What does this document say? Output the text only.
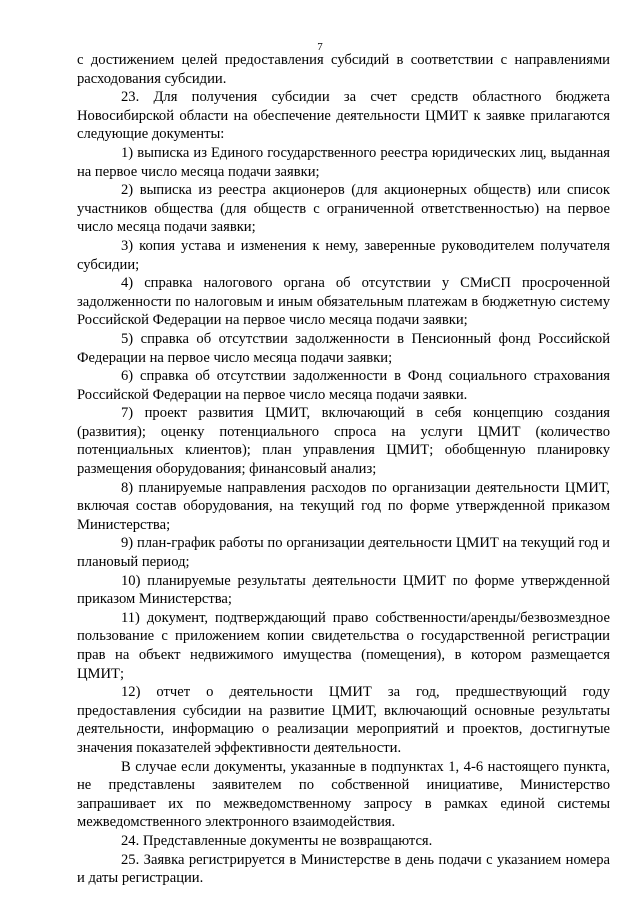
7

с достижением целей предоставления субсидий в соответствии с направлениями расходования субсидии.

23. Для получения субсидии за счет средств областного бюджета Новосибирской области на обеспечение деятельности ЦМИТ к заявке прилагаются следующие документы:

1) выписка из Единого государственного реестра юридических лиц, выданная на первое число месяца подачи заявки;

2) выписка из реестра акционеров (для акционерных обществ) или список участников общества (для обществ с ограниченной ответственностью) на первое число месяца подачи заявки;

3) копия устава и изменения к нему, заверенные руководителем получателя субсидии;

4) справка налогового органа об отсутствии у СМиСП просроченной задолженности по налоговым и иным обязательным платежам в бюджетную систему Российской Федерации на первое число месяца подачи заявки;

5) справка об отсутствии задолженности в Пенсионный фонд Российской Федерации на первое число месяца подачи заявки;

6) справка об отсутствии задолженности в Фонд социального страхования Российской Федерации на первое число месяца подачи заявки.

7) проект развития ЦМИТ, включающий в себя концепцию создания (развития); оценку потенциального спроса на услуги ЦМИТ (количество потенциальных клиентов); план управления ЦМИТ; обобщенную планировку размещения оборудования; финансовый анализ;

8) планируемые направления расходов по организации деятельности ЦМИТ, включая состав оборудования, на текущий год по форме утвержденной приказом Министерства;

9) план-график работы по организации деятельности ЦМИТ на текущий год и плановый период;

10) планируемые результаты деятельности ЦМИТ по форме утвержденной приказом Министерства;

11) документ, подтверждающий право собственности/аренды/безвозмездное пользование с приложением копии свидетельства о государственной регистрации прав на объект недвижимого имущества (помещения), в котором размещается ЦМИТ;

12) отчет о деятельности ЦМИТ за год, предшествующий году предоставления субсидии на развитие ЦМИТ, включающий основные результаты деятельности, информацию о реализации мероприятий и проектов, достигнутые значения показателей эффективности деятельности.

В случае если документы, указанные в подпунктах 1, 4-6 настоящего пункта, не представлены заявителем по собственной инициативе, Министерство запрашивает их по межведомственному запросу в рамках единой системы межведомственного электронного взаимодействия.

24. Представленные документы не возвращаются.

25. Заявка регистрируется в Министерстве в день подачи с указанием номера и даты регистрации.
